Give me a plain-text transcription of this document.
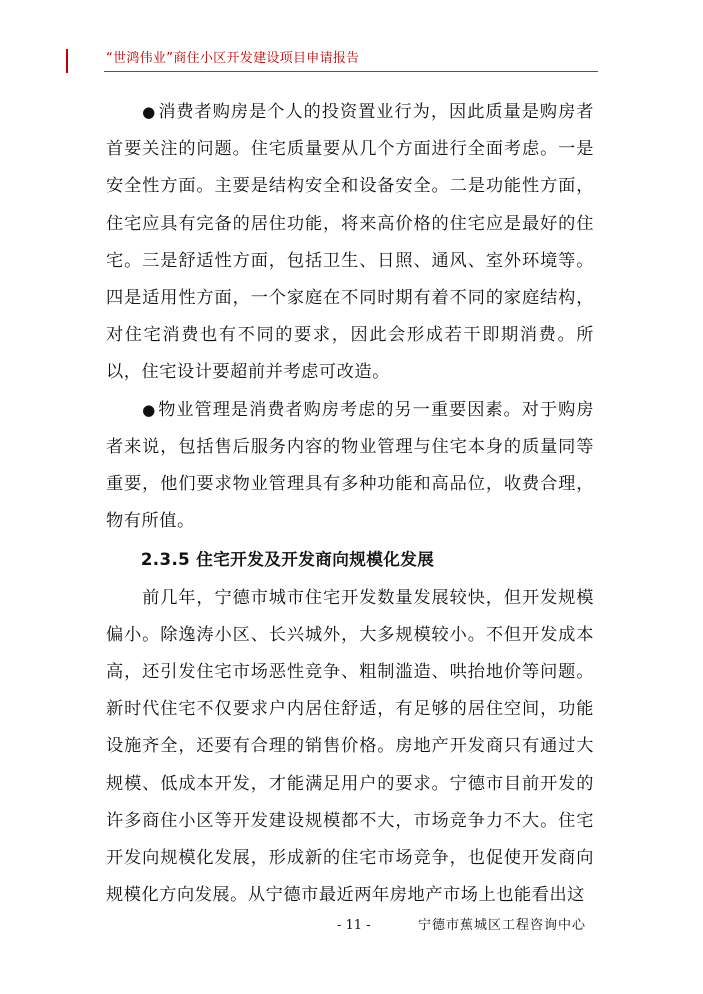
“世鸿伟业”商住小区开发建设项目申请报告

● 消费者购房是个人的投资置业行为，因此质量是购房者首要关注的问题。住宅质量要从几个方面进行全面考虑。一是安全性方面。主要是结构安全和设备安全。二是功能性方面，住宅应具有完备的居住功能，将来高价格的住宅应是最好的住宅。三是舒适性方面，包括卫生、日照、通风、室外环境等。四是适用性方面，一个家庭在不同时期有着不同的家庭结构，对住宅消费也有不同的要求，因此会形成若干即期消费。所以，住宅设计要超前并考虑可改造。

● 物业管理是消费者购房考虑的另一重要因素。对于购房者来说，包括售后服务内容的物业管理与住宅本身的质量同等重要，他们要求物业管理具有多种功能和高品位，收费合理，物有所值。

2.3.5 住宅开发及开发商向规模化发展

前几年，宁德市城市住宅开发数量发展较快，但开发规模偏小。除逸涛小区、长兴城外，大多规模较小。不但开发成本高，还引发住宅市场恶性竞争、粗制滥造、哄抬地价等问题。新时代住宅不仅要求户内居住舒适，有足够的居住空间，功能设施齐全，还要有合理的销售价格。房地产开发商只有通过大规模、低成本开发，才能满足用户的要求。宁德市目前开发的许多商住小区等开发建设规模都不大，市场竞争力不大。住宅开发向规模化发展，形成新的住宅市场竞争，也促使开发商向规模化方向发展。从宁德市最近两年房地产市场上也能看出这

- 11 -	宁德市蕉城区工程咨询中心
